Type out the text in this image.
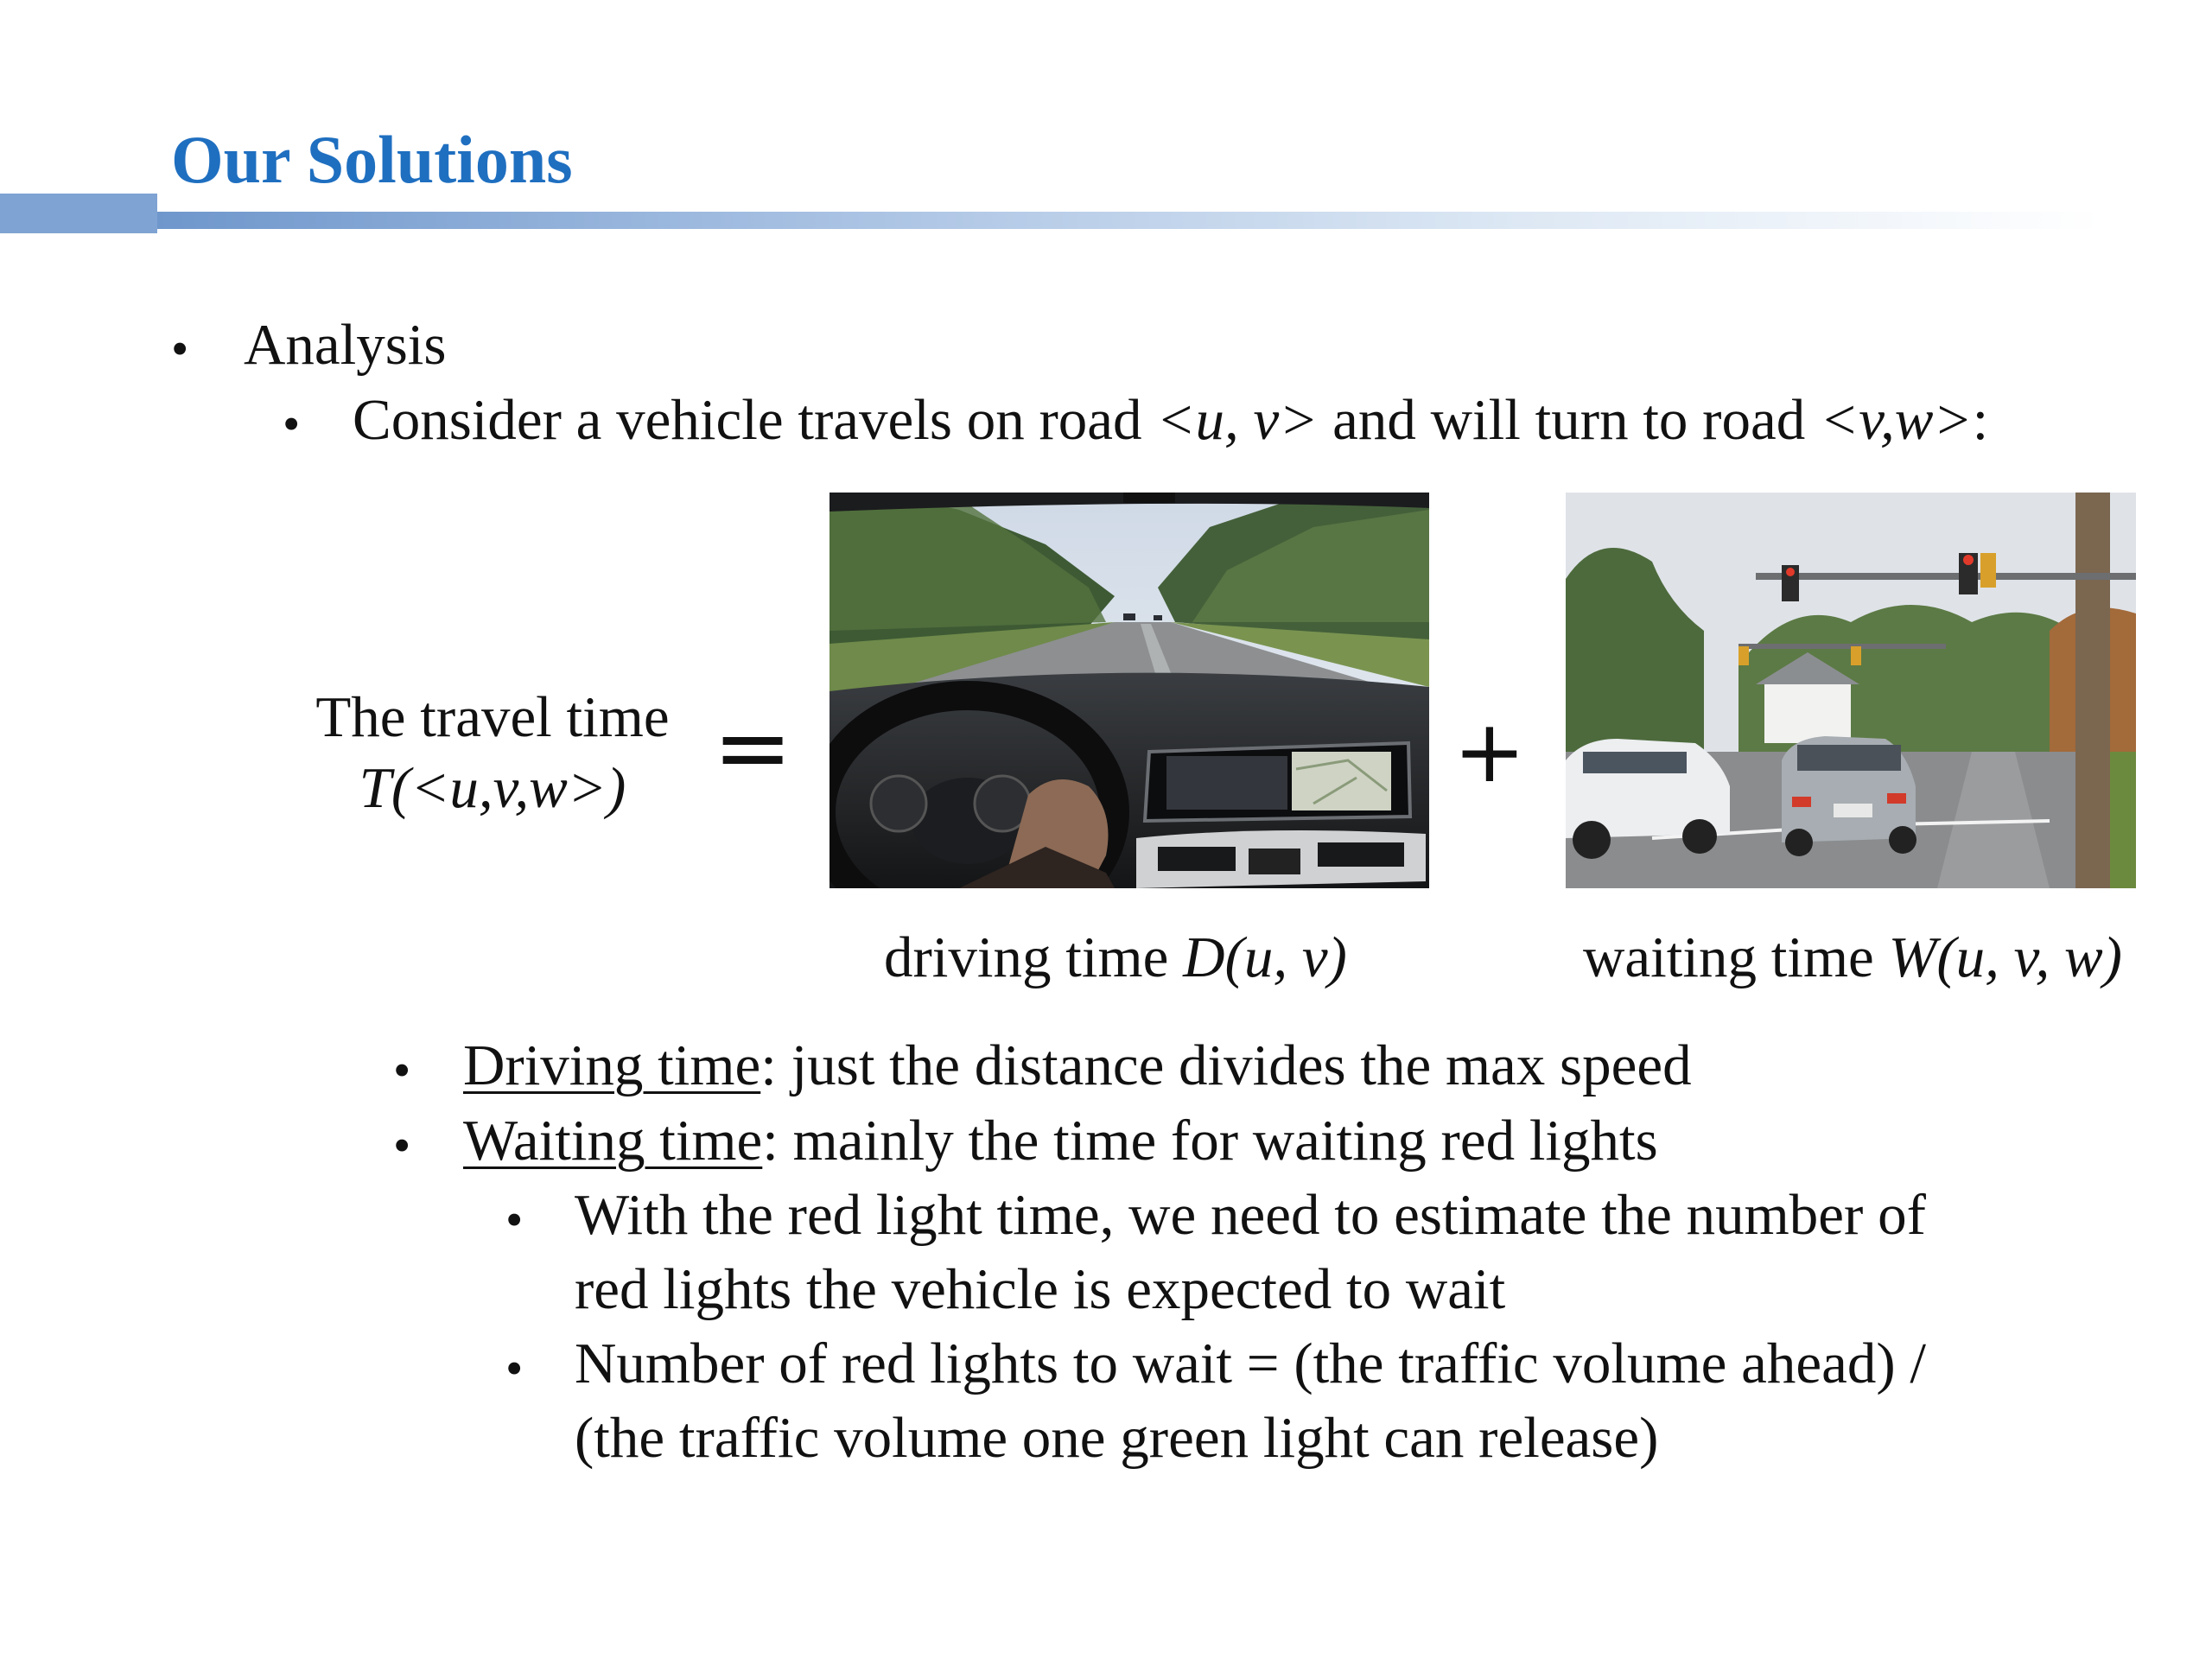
Our Solutions
• Analysis
• Consider a vehicle travels on road <u, v> and will turn to road <v,w>:
The travel time
T(<u,v,w>) =	+
driving time D(u, v)	waiting time W(u, v, w)
• Driving time: just the distance divides the max speed
• Waiting time: mainly the time for waiting red lights
• With the red light time, we need to estimate the number of
red lights the vehicle is expected to wait
• Number of red lights to wait = (the traffic volume ahead) /
(the traffic volume one green light can release)
